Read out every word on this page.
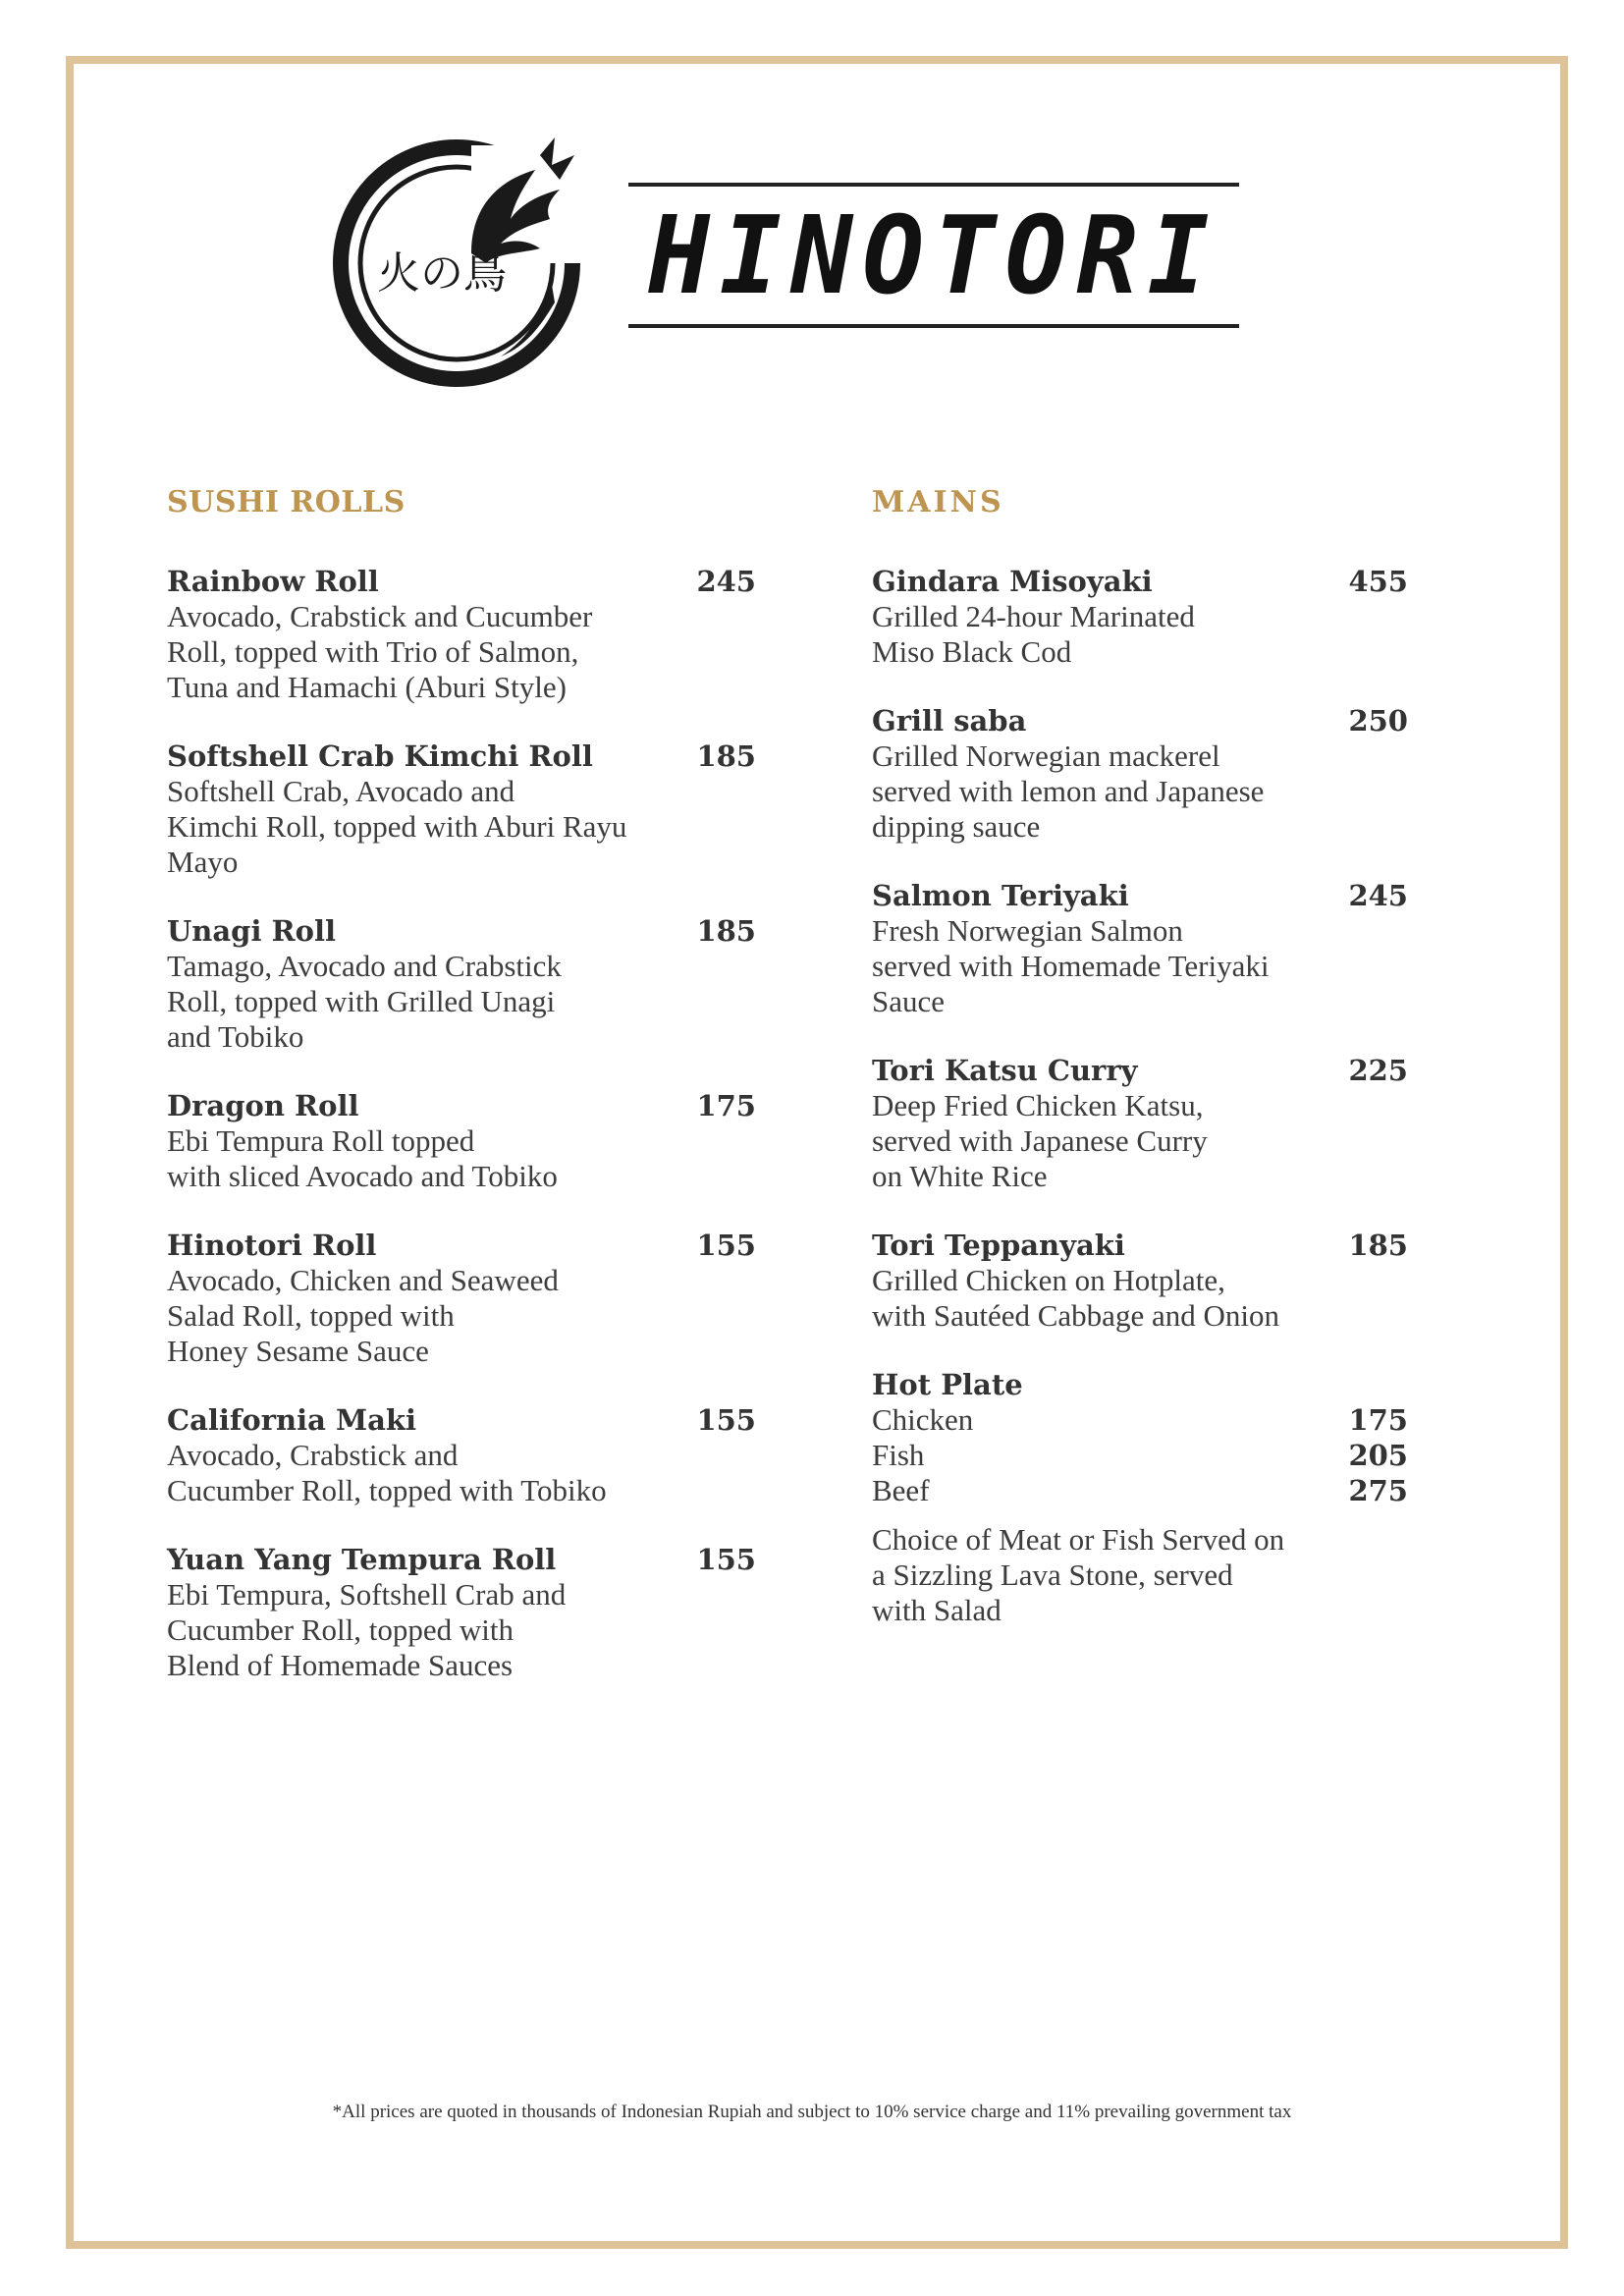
火の鳥 HINOTORI
SUSHI ROLLS
Rainbow Roll	245
Avocado, Crabstick and Cucumber
Roll, topped with Trio of Salmon,
Tuna and Hamachi (Aburi Style)
Softshell Crab Kimchi Roll	185
Softshell Crab, Avocado and
Kimchi Roll, topped with Aburi Rayu
Mayo
Unagi Roll	185
Tamago, Avocado and Crabstick
Roll, topped with Grilled Unagi
and Tobiko
Dragon Roll	175
Ebi Tempura Roll topped
with sliced Avocado and Tobiko
Hinotori Roll	155
Avocado, Chicken and Seaweed
Salad Roll, topped with
Honey Sesame Sauce
California Maki	155
Avocado, Crabstick and
Cucumber Roll, topped with Tobiko
Yuan Yang Tempura Roll	155
Ebi Tempura, Softshell Crab and
Cucumber Roll, topped with
Blend of Homemade Sauces
MAINS
Gindara Misoyaki	455
Grilled 24-hour Marinated
Miso Black Cod
Grill saba	250
Grilled Norwegian mackerel
served with lemon and Japanese
dipping sauce
Salmon Teriyaki	245
Fresh Norwegian Salmon
served with Homemade Teriyaki
Sauce
Tori Katsu Curry	225
Deep Fried Chicken Katsu,
served with Japanese Curry
on White Rice
Tori Teppanyaki	185
Grilled Chicken on Hotplate,
with Sautéed Cabbage and Onion
Hot Plate
Chicken	175
Fish	205
Beef	275
Choice of Meat or Fish Served on
a Sizzling Lava Stone, served
with Salad
*All prices are quoted in thousands of Indonesian Rupiah and subject to 10% service charge and 11% prevailing government tax
